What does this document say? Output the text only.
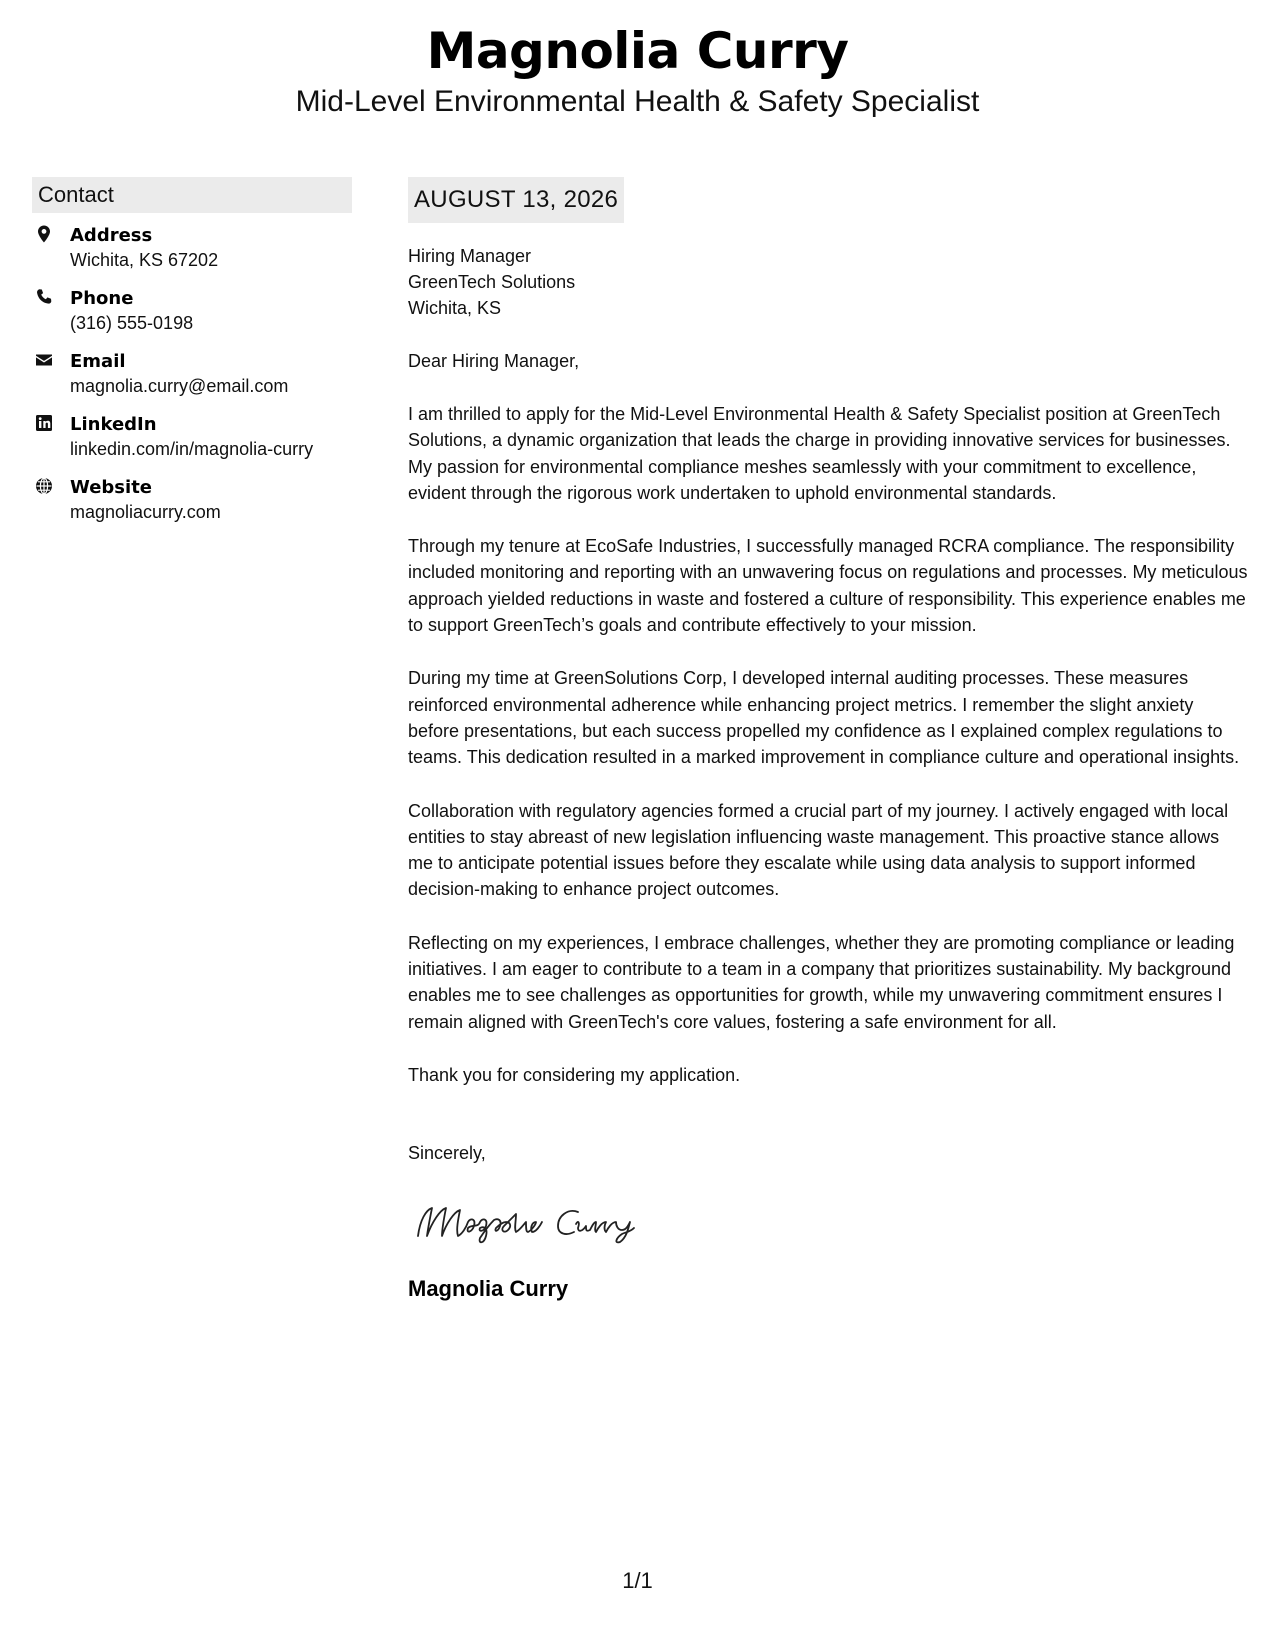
Magnolia Curry
Mid-Level Environmental Health & Safety Specialist
Contact
Address
Wichita, KS 67202
Phone
(316) 555-0198
Email
magnolia.curry@email.com
LinkedIn
linkedin.com/in/magnolia-curry
Website
magnoliacurry.com
AUGUST 13, 2026
Hiring Manager
GreenTech Solutions
Wichita, KS
Dear Hiring Manager,
I am thrilled to apply for the Mid-Level Environmental Health & Safety Specialist position at GreenTech Solutions, a dynamic organization that leads the charge in providing innovative services for businesses. My passion for environmental compliance meshes seamlessly with your commitment to excellence, evident through the rigorous work undertaken to uphold environmental standards.
Through my tenure at EcoSafe Industries, I successfully managed RCRA compliance. The responsibility included monitoring and reporting with an unwavering focus on regulations and processes. My meticulous approach yielded reductions in waste and fostered a culture of responsibility. This experience enables me to support GreenTech’s goals and contribute effectively to your mission.
During my time at GreenSolutions Corp, I developed internal auditing processes. These measures reinforced environmental adherence while enhancing project metrics. I remember the slight anxiety before presentations, but each success propelled my confidence as I explained complex regulations to teams. This dedication resulted in a marked improvement in compliance culture and operational insights.
Collaboration with regulatory agencies formed a crucial part of my journey. I actively engaged with local entities to stay abreast of new legislation influencing waste management. This proactive stance allows me to anticipate potential issues before they escalate while using data analysis to support informed decision-making to enhance project outcomes.
Reflecting on my experiences, I embrace challenges, whether they are promoting compliance or leading initiatives. I am eager to contribute to a team in a company that prioritizes sustainability. My background enables me to see challenges as opportunities for growth, while my unwavering commitment ensures I remain aligned with GreenTech's core values, fostering a safe environment for all.
Thank you for considering my application.
Sincerely,
Magnolia Curry
1/1
